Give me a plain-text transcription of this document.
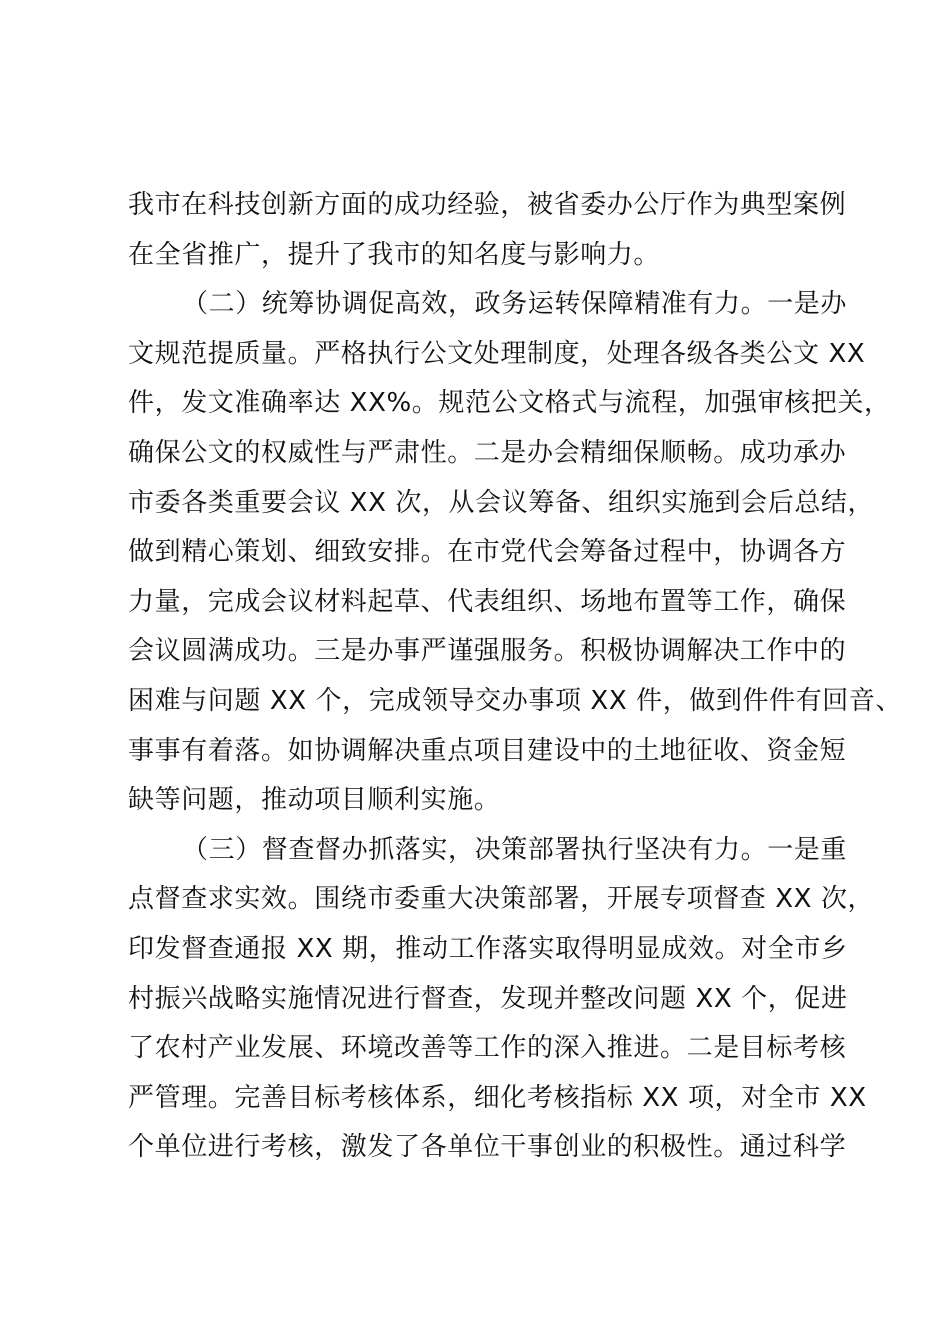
我市在科技创新方面的成功经验，被省委办公厅作为典型案例
在全省推广，提升了我市的知名度与影响力。
（二）统筹协调促高效，政务运转保障精准有力。一是办
文规范提质量。严格执行公文处理制度，处理各级各类公文 XX
件，发文准确率达 XX%。规范公文格式与流程，加强审核把关，
确保公文的权威性与严肃性。二是办会精细保顺畅。成功承办
市委各类重要会议 XX 次，从会议筹备、组织实施到会后总结，
做到精心策划、细致安排。在市党代会筹备过程中，协调各方
力量，完成会议材料起草、代表组织、场地布置等工作，确保
会议圆满成功。三是办事严谨强服务。积极协调解决工作中的
困难与问题 XX 个，完成领导交办事项 XX 件，做到件件有回音、
事事有着落。如协调解决重点项目建设中的土地征收、资金短
缺等问题，推动项目顺利实施。
（三）督查督办抓落实，决策部署执行坚决有力。一是重
点督查求实效。围绕市委重大决策部署，开展专项督查 XX 次，
印发督查通报 XX 期，推动工作落实取得明显成效。对全市乡
村振兴战略实施情况进行督查，发现并整改问题 XX 个，促进
了农村产业发展、环境改善等工作的深入推进。二是目标考核
严管理。完善目标考核体系，细化考核指标 XX 项，对全市 XX
个单位进行考核，激发了各单位干事创业的积极性。通过科学
